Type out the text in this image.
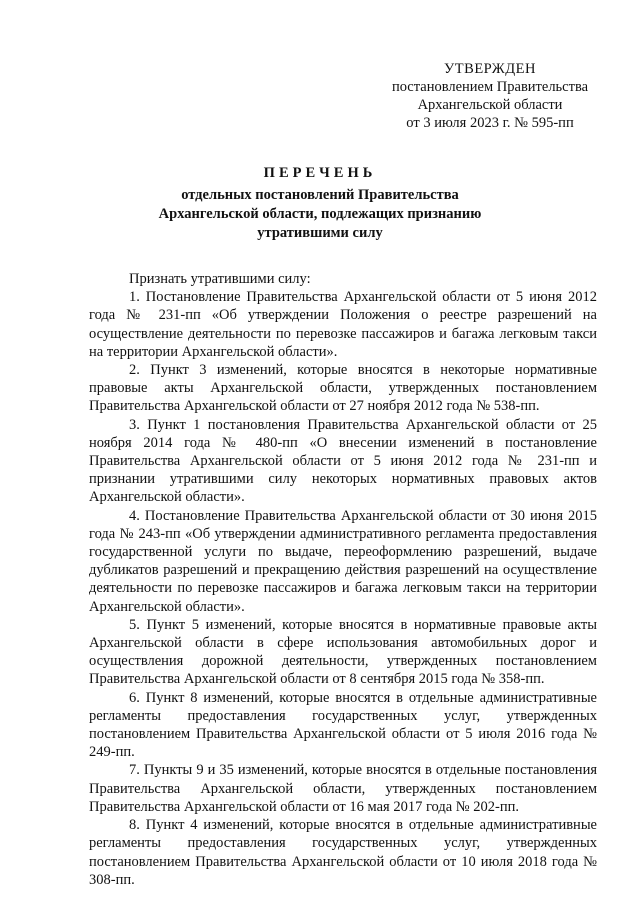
УТВЕРЖДЕН
постановлением Правительства
Архангельской области
от 3 июля 2023 г. № 595-пп
ПЕРЕЧЕНЬ
отдельных постановлений Правительства
Архангельской области, подлежащих признанию
утратившими силу

Признать утратившими силу:

1. Постановление Правительства Архангельской области от 5 июня 2012 года № 231-пп «Об утверждении Положения о реестре разрешений на осуществление деятельности по перевозке пассажиров и багажа легковым такси на территории Архангельской области».

2. Пункт 3 изменений, которые вносятся в некоторые нормативные правовые акты Архангельской области, утвержденных постановлением Правительства Архангельской области от 27 ноября 2012 года № 538-пп.

3. Пункт 1 постановления Правительства Архангельской области от 25 ноября 2014 года № 480-пп «О внесении изменений в постановление Правительства Архангельской области от 5 июня 2012 года № 231-пп и признании утратившими силу некоторых нормативных правовых актов Архангельской области».

4. Постановление Правительства Архангельской области от 30 июня 2015 года № 243-пп «Об утверждении административного регламента предоставления государственной услуги по выдаче, переоформлению разрешений, выдаче дубликатов разрешений и прекращению действия разрешений на осуществление деятельности по перевозке пассажиров и багажа легковым такси на территории Архангельской области».

5. Пункт 5 изменений, которые вносятся в нормативные правовые акты Архангельской области в сфере использования автомобильных дорог и осуществления дорожной деятельности, утвержденных постановлением Правительства Архангельской области от 8 сентября 2015 года № 358-пп.

6. Пункт 8 изменений, которые вносятся в отдельные административные регламенты предоставления государственных услуг, утвержденных постановлением Правительства Архангельской области от 5 июля 2016 года № 249-пп.

7. Пункты 9 и 35 изменений, которые вносятся в отдельные постановления Правительства Архангельской области, утвержденных постановлением Правительства Архангельской области от 16 мая 2017 года № 202-пп.

8. Пункт 4 изменений, которые вносятся в отдельные административные регламенты предоставления государственных услуг, утвержденных постановлением Правительства Архангельской области от 10 июля 2018 года № 308-пп.
